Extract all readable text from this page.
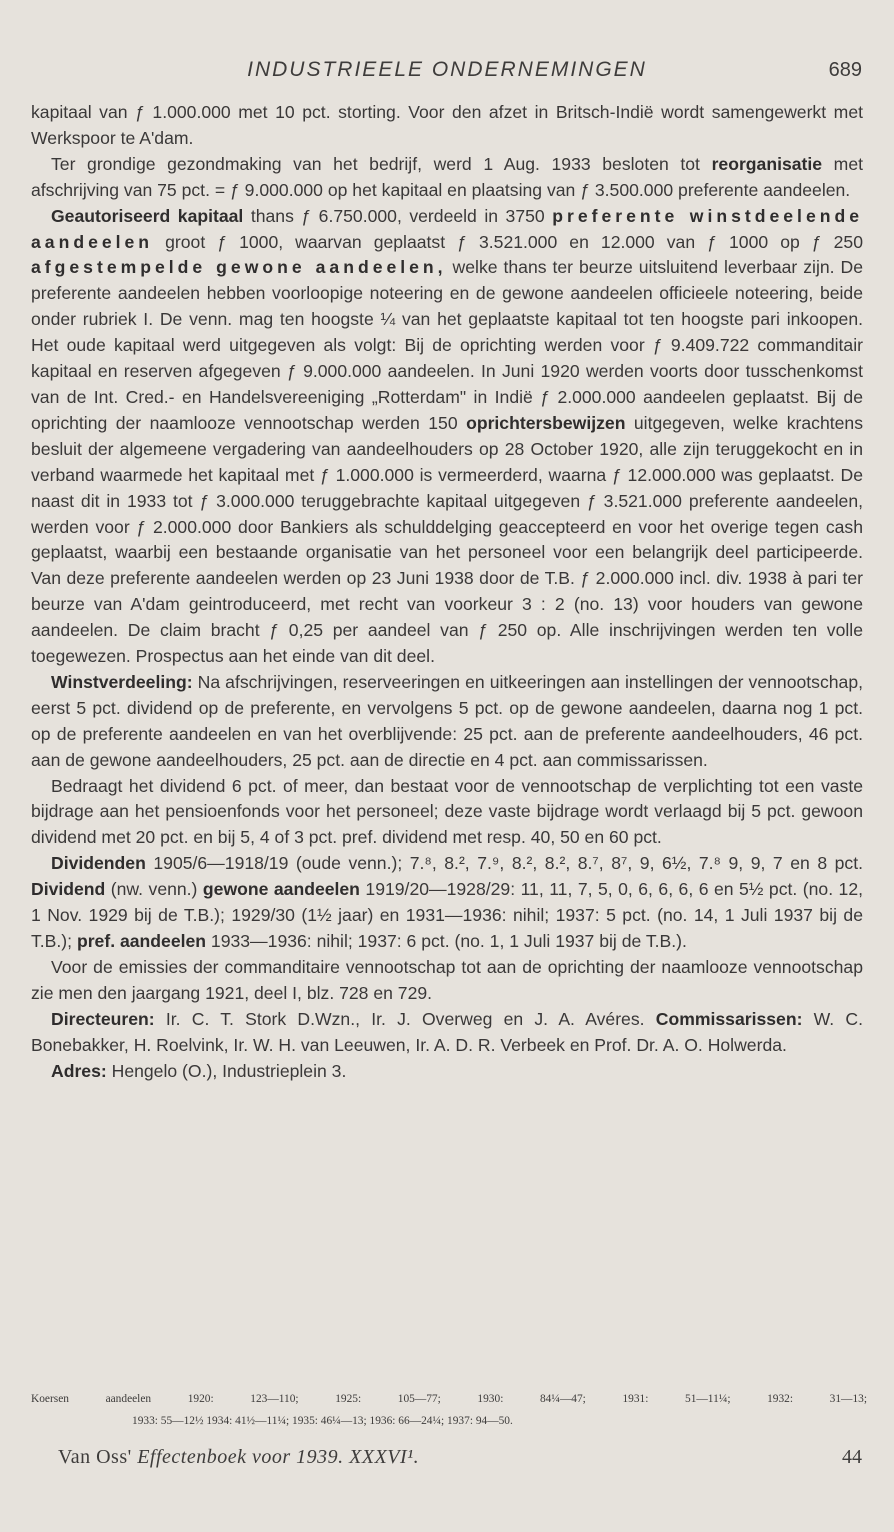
INDUSTRIEELE ONDERNEMINGEN	689

kapitaal van ƒ 1.000.000 met 10 pct. storting. Voor den afzet in Britsch-Indië wordt samengewerkt met Werkspoor te A'dam.

Ter grondige gezondmaking van het bedrijf, werd 1 Aug. 1933 besloten tot reorganisatie met afschrijving van 75 pct. = ƒ 9.000.000 op het kapitaal en plaatsing van ƒ 3.500.000 preferente aandeelen.

Geautoriseerd kapitaal thans ƒ 6.750.000, verdeeld in 3750 preferente winstdeelende aandeelen groot ƒ 1000, waarvan geplaatst ƒ 3.521.000 en 12.000 van ƒ 1000 op ƒ 250 afgestempelde gewone aandeelen, welke thans ter beurze uitsluitend leverbaar zijn. De preferente aandeelen hebben voorloopige noteering en de gewone aandeelen officieele noteering, beide onder rubriek I. De venn. mag ten hoogste ¼ van het geplaatste kapitaal tot ten hoogste pari inkoopen. Het oude kapitaal werd uitgegeven als volgt: Bij de oprichting werden voor ƒ 9.409.722 commanditair kapitaal en reserven afgegeven ƒ 9.000.000 aandeelen. In Juni 1920 werden voorts door tusschenkomst van de Int. Cred.- en Handelsvereeniging „Rotterdam" in Indië ƒ 2.000.000 aandeelen geplaatst. Bij de oprichting der naamlooze vennootschap werden 150 oprichtersbewijzen uitgegeven, welke krachtens besluit der algemeene vergadering van aandeelhouders op 28 October 1920, alle zijn teruggekocht en in verband waarmede het kapitaal met ƒ 1.000.000 is vermeerderd, waarna ƒ 12.000.000 was geplaatst. De naast dit in 1933 tot ƒ 3.000.000 teruggebrachte kapitaal uitgegeven ƒ 3.521.000 preferente aandeelen, werden voor ƒ 2.000.000 door Bankiers als schulddelging geaccepteerd en voor het overige tegen cash geplaatst, waarbij een bestaande organisatie van het personeel voor een belangrijk deel participeerde. Van deze preferente aandeelen werden op 23 Juni 1938 door de T.B. ƒ 2.000.000 incl. div. 1938 à pari ter beurze van A'dam geintroduceerd, met recht van voorkeur 3 : 2 (no. 13) voor houders van gewone aandeelen. De claim bracht ƒ 0,25 per aandeel van ƒ 250 op. Alle inschrijvingen werden ten volle toegewezen. Prospectus aan het einde van dit deel.

Winstverdeeling: Na afschrijvingen, reserveeringen en uitkeeringen aan instellingen der vennootschap, eerst 5 pct. dividend op de preferente, en vervolgens 5 pct. op de gewone aandeelen, daarna nog 1 pct. op de preferente aandeelen en van het overblijvende: 25 pct. aan de preferente aandeelhouders, 46 pct. aan de gewone aandeelhouders, 25 pct. aan de directie en 4 pct. aan commissarissen.

Bedraagt het dividend 6 pct. of meer, dan bestaat voor de vennootschap de verplichting tot een vaste bijdrage aan het pensioenfonds voor het personeel; deze vaste bijdrage wordt verlaagd bij 5 pct. gewoon dividend met 20 pct. en bij 5, 4 of 3 pct. pref. dividend met resp. 40, 50 en 60 pct.

Dividenden 1905/6—1918/19 (oude venn.); 7.⁸, 8.², 7.⁹, 8.², 8.², 8.⁷, 8⁷, 9, 6½, 7.⁸ 9, 9, 7 en 8 pct. Dividend (nw. venn.) gewone aandeelen 1919/20—1928/29: 11, 11, 7, 5, 0, 6, 6, 6, 6 en 5½ pct. (no. 12, 1 Nov. 1929 bij de T.B.); 1929/30 (1½ jaar) en 1931—1936: nihil; 1937: 5 pct. (no. 14, 1 Juli 1937 bij de T.B.); pref. aandeelen 1933—1936: nihil; 1937: 6 pct. (no. 1, 1 Juli 1937 bij de T.B.).

Voor de emissies der commanditaire vennootschap tot aan de oprichting der naamlooze vennootschap zie men den jaargang 1921, deel I, blz. 728 en 729.

Directeuren: Ir. C. T. Stork D.Wzn., Ir. J. Overweg en J. A. Avéres. Commissarissen: W. C. Bonebakker, H. Roelvink, Ir. W. H. van Leeuwen, Ir. A. D. R. Verbeek en Prof. Dr. A. O. Holwerda.

Adres: Hengelo (O.), Industrieplein 3.

Koersen aandeelen 1920: 123—110; 1925: 105—77; 1930: 84¼—47; 1931: 51—11¼; 1932: 31—13;
1933: 55—12½ 1934: 41½—11¼; 1935: 46¼—13; 1936: 66—24¼; 1937: 94—50.
Van Oss' Effectenboek voor 1939. XXXVI¹.	44
